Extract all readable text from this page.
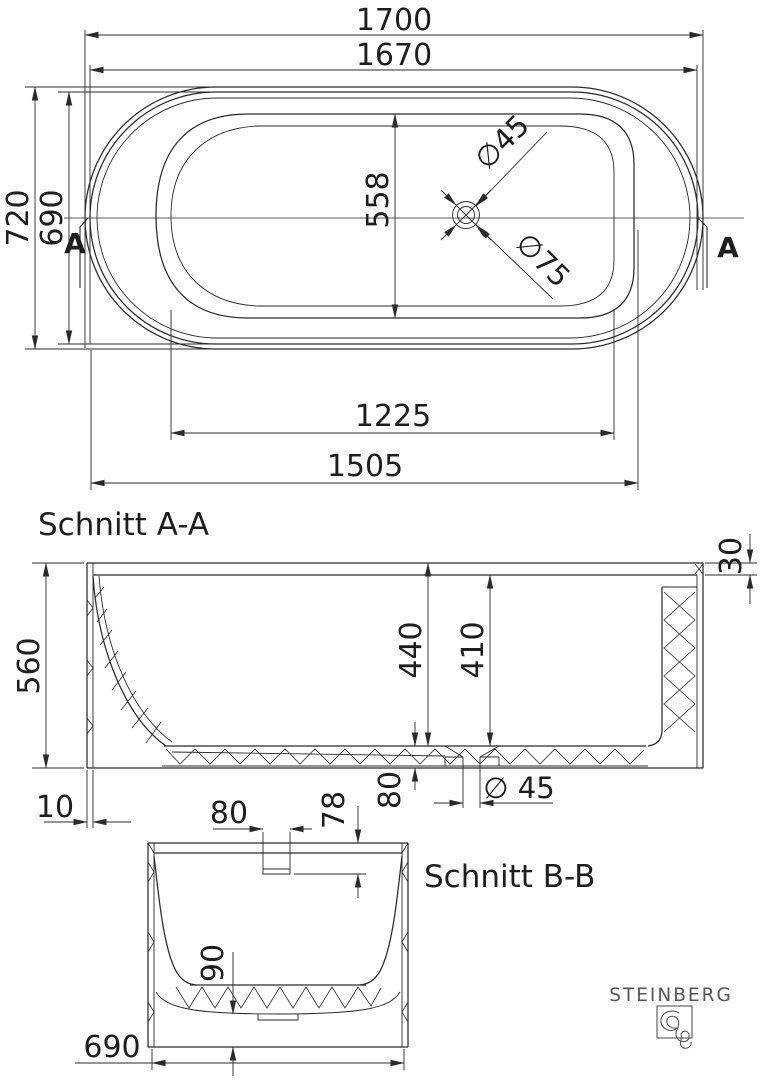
∅45
∅75
A	A
1700
1670
720 690	558
1225
1505
Schnitt A-A
560	440 410
30
80	∅ 45
10
Schnitt B-B
80 78
90
690
STEINBERG
